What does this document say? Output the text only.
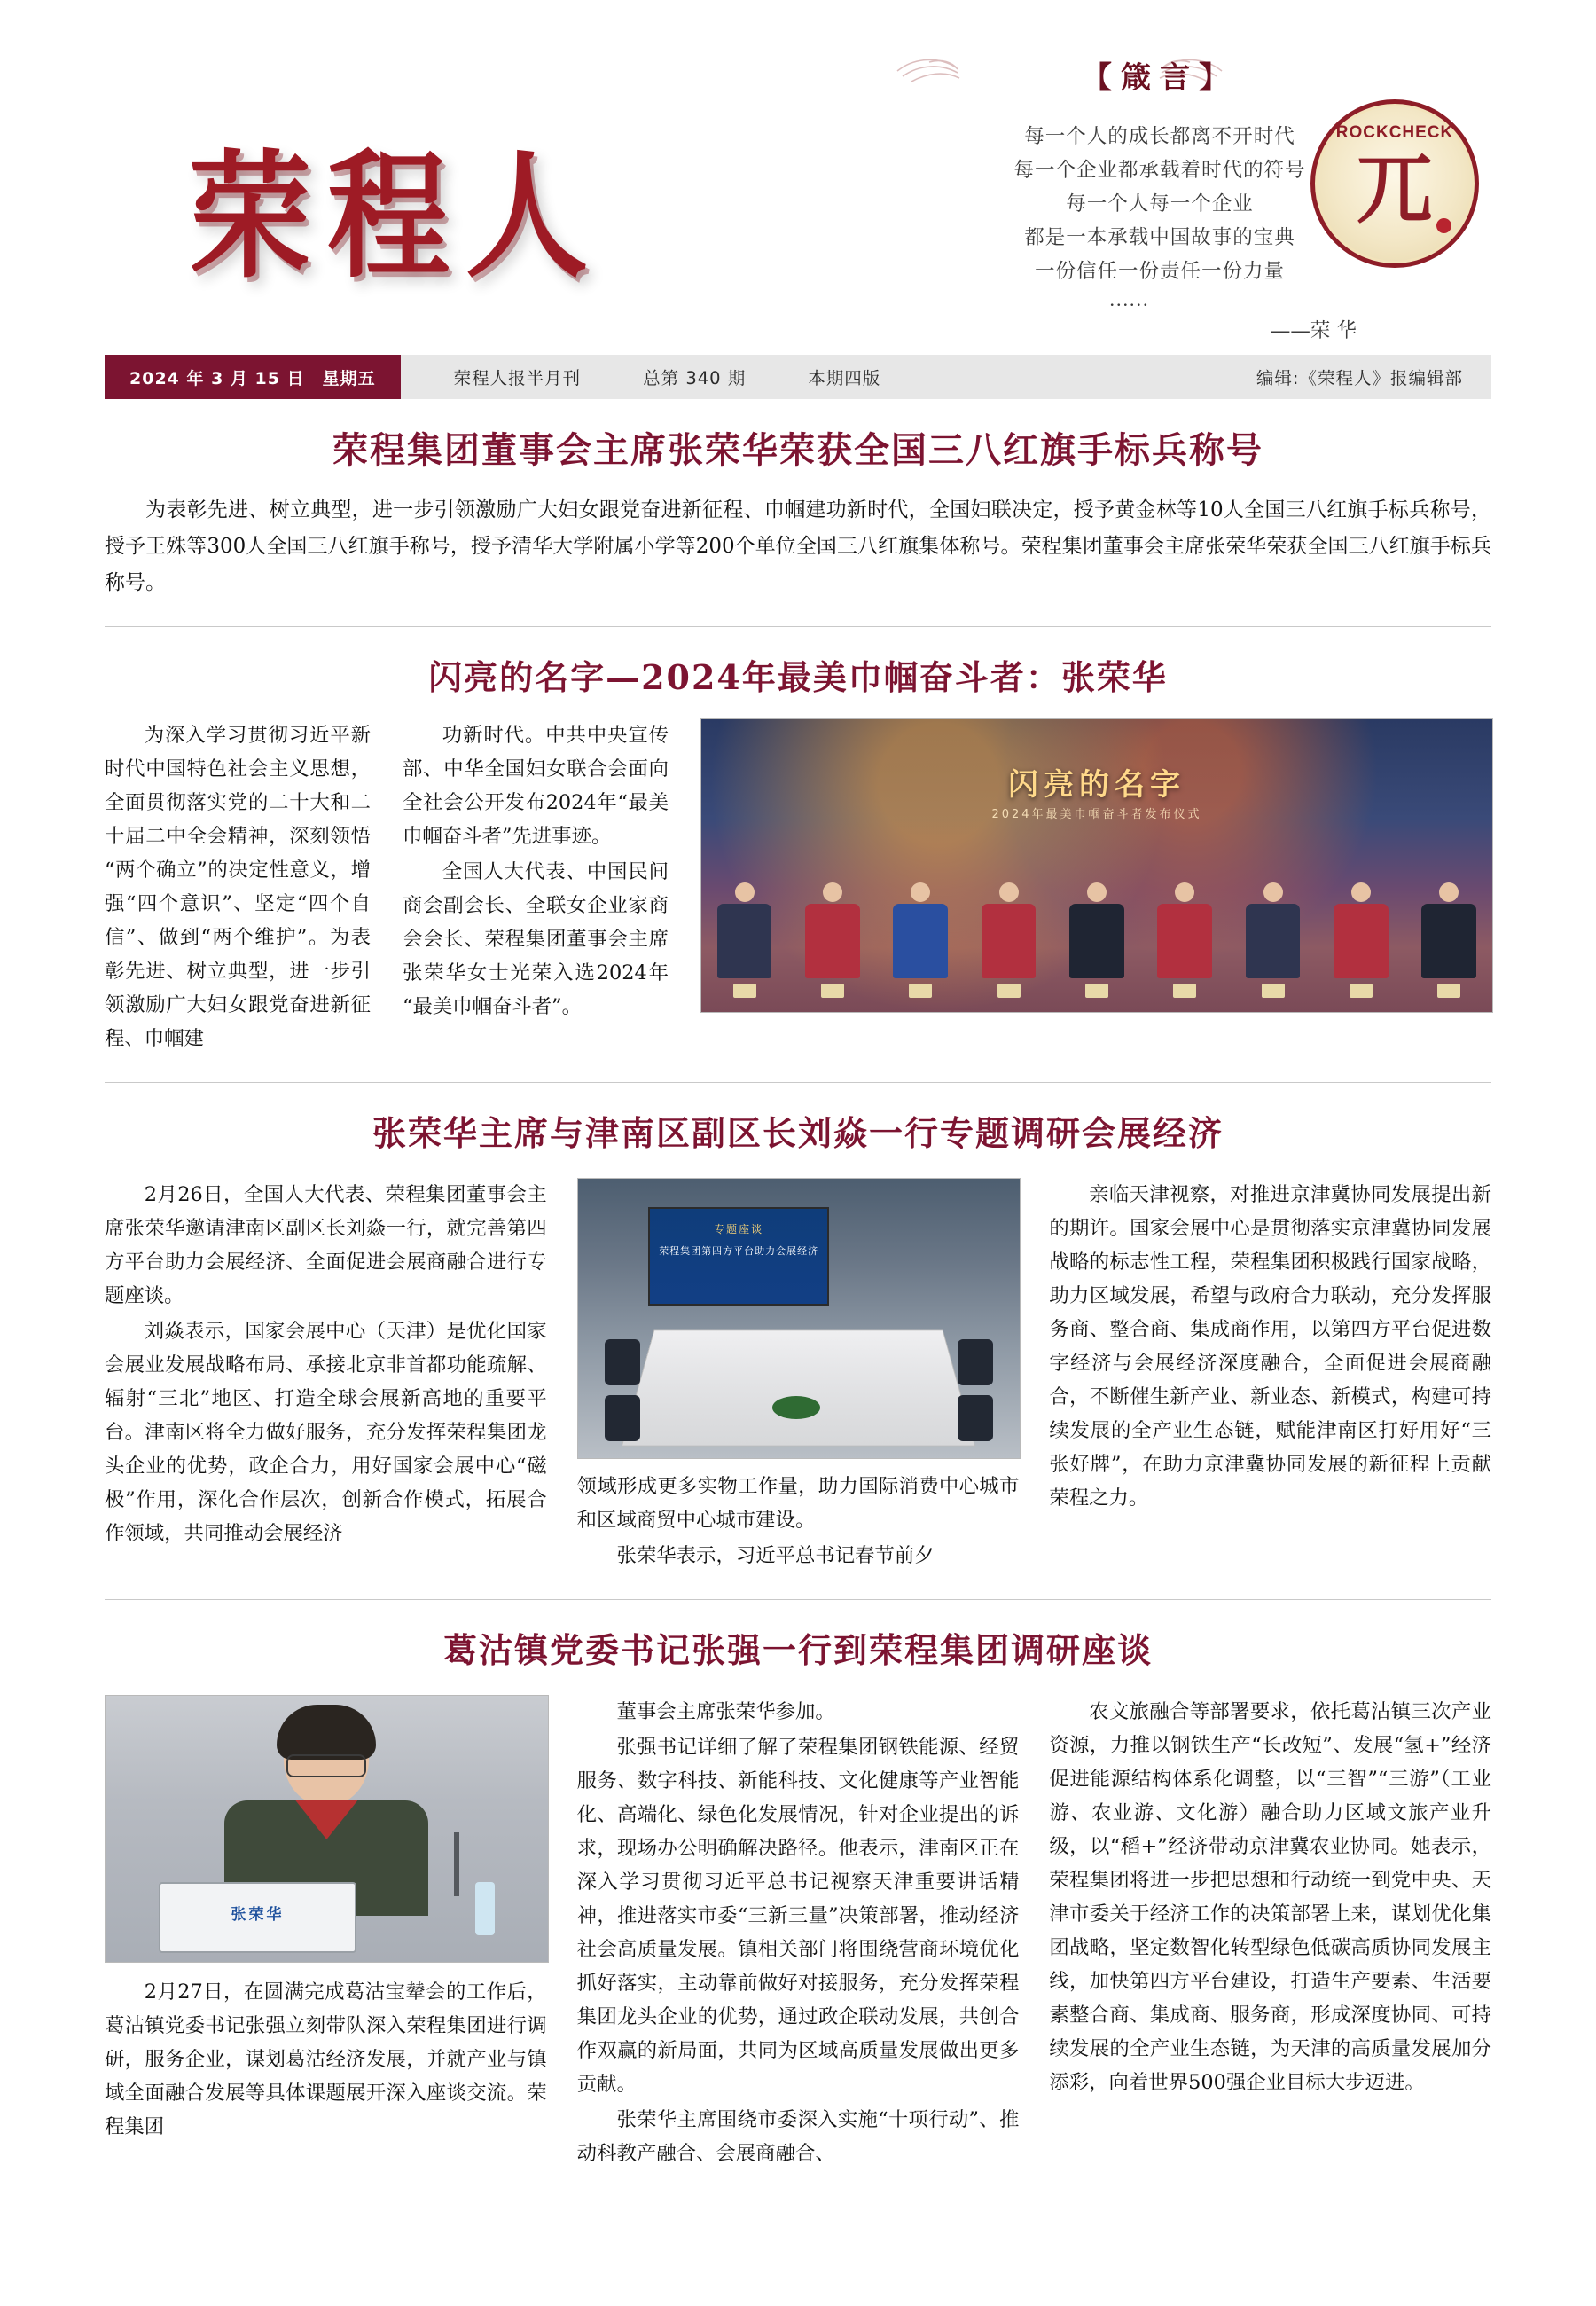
【箴言】
每一个人的成长都离不开时代
每一个企业都承载着时代的符号
每一个人每一个企业
都是一本承载中国故事的宝典
一份信任一份责任一份力量
……
——荣 华
荣程人
ROCKCHECK
兀
2024 年 3 月 15 日　星期五	荣程人报半月刊	总第 340 期	本期四版	编辑:《荣程人》报编辑部
荣程集团董事会主席张荣华荣获全国三八红旗手标兵称号

为表彰先进、树立典型，进一步引领激励广大妇女跟党奋进新征程、巾帼建功新时代，全国妇联决定，授予黄金林等10人全国三八红旗手标兵称号，授予王殊等300人全国三八红旗手称号，授予清华大学附属小学等200个单位全国三八红旗集体称号。荣程集团董事会主席张荣华荣获全国三八红旗手标兵称号。

闪亮的名字—2024年最美巾帼奋斗者：张荣华

为深入学习贯彻习近平新时代中国特色社会主义思想，全面贯彻落实党的二十大和二十届二中全会精神，深刻领悟“两个确立”的决定性意义，增强“四个意识”、坚定“四个自信”、做到“两个维护”。为表彰先进、树立典型，进一步引领激励广大妇女跟党奋进新征程、巾帼建

功新时代。中共中央宣传部、中华全国妇女联合会面向全社会公开发布2024年“最美巾帼奋斗者”先进事迹。

全国人大代表、中国民间商会副会长、全联女企业家商会会长、荣程集团董事会主席张荣华女士光荣入选2024年“最美巾帼奋斗者”。

闪亮的名字
2024年最美巾帼奋斗者发布仪式
张荣华主席与津南区副区长刘焱一行专题调研会展经济

2月26日，全国人大代表、荣程集团董事会主席张荣华邀请津南区副区长刘焱一行，就完善第四方平台助力会展经济、全面促进会展商融合进行专题座谈。

刘焱表示，国家会展中心（天津）是优化国家会展业发展战略布局、承接北京非首都功能疏解、辐射“三北”地区、打造全球会展新高地的重要平台。津南区将全力做好服务，充分发挥荣程集团龙头企业的优势，政企合力，用好国家会展中心“磁极”作用，深化合作层次，创新合作模式，拓展合作领域，共同推动会展经济

专题座谈
荣程集团第四方平台助力会展经济

领域形成更多实物工作量，助力国际消费中心城市和区域商贸中心城市建设。

张荣华表示，习近平总书记春节前夕

亲临天津视察，对推进京津冀协同发展提出新的期许。国家会展中心是贯彻落实京津冀协同发展战略的标志性工程，荣程集团积极践行国家战略，助力区域发展，希望与政府合力联动，充分发挥服务商、整合商、集成商作用，以第四方平台促进数字经济与会展经济深度融合，全面促进会展商融合，不断催生新产业、新业态、新模式，构建可持续发展的全产业生态链，赋能津南区打好用好“三张好牌”，在助力京津冀协同发展的新征程上贡献荣程之力。

葛沽镇党委书记张强一行到荣程集团调研座谈
张荣华

2月27日，在圆满完成葛沽宝辇会的工作后，葛沽镇党委书记张强立刻带队深入荣程集团进行调研，服务企业，谋划葛沽经济发展，并就产业与镇域全面融合发展等具体课题展开深入座谈交流。荣程集团

董事会主席张荣华参加。

张强书记详细了解了荣程集团钢铁能源、经贸服务、数字科技、新能科技、文化健康等产业智能化、高端化、绿色化发展情况，针对企业提出的诉求，现场办公明确解决路径。他表示，津南区正在深入学习贯彻习近平总书记视察天津重要讲话精神，推进落实市委“三新三量”决策部署，推动经济社会高质量发展。镇相关部门将围绕营商环境优化抓好落实，主动靠前做好对接服务，充分发挥荣程集团龙头企业的优势，通过政企联动发展，共创合作双赢的新局面，共同为区域高质量发展做出更多贡献。

张荣华主席围绕市委深入实施“十项行动”、推动科教产融合、会展商融合、

农文旅融合等部署要求，依托葛沽镇三次产业资源，力推以钢铁生产“长改短”、发展“氢+”经济促进能源结构体系化调整，以“三智”“三游”（工业游、农业游、文化游）融合助力区域文旅产业升级，以“稻+”经济带动京津冀农业协同。她表示，荣程集团将进一步把思想和行动统一到党中央、天津市委关于经济工作的决策部署上来，谋划优化集团战略，坚定数智化转型绿色低碳高质协同发展主线，加快第四方平台建设，打造生产要素、生活要素整合商、集成商、服务商，形成深度协同、可持续发展的全产业生态链，为天津的高质量发展加分添彩，向着世界500强企业目标大步迈进。
